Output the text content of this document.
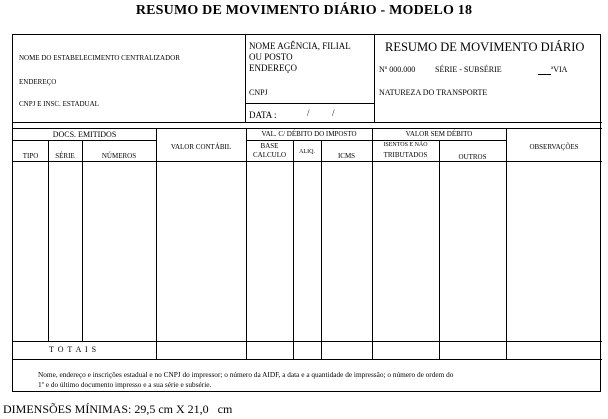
RESUMO DE MOVIMENTO DIÁRIO - MODELO 18
NOME DO ESTABELECIMENTO CENTRALIZADOR
ENDEREÇO
CNPJ E INSC. ESTADUAL
NOME AGÊNCIA, FILIAL
OU POSTO
ENDEREÇO
CNPJ
DATA :	/ /
RESUMO DE MOVIMENTO DIÁRIO
Nº 000.000 SÉRIE - SUBSÉRIE	ªVIA
NATUREZA DO TRANSPORTE
DOCS. EMITIDOS
TIPO	SÉRIE	NÚMEROS
VALOR CONTÁBIL
VAL. C/ DÉBITO DO IMPOSTO
BASE
CALCULO	ALIQ.	ICMS
VALOR SEM DÉBITO
ISENTOS E NÃO
TRIBUTADOS	OUTROS
OBSERVAÇÕES
T O T A I S
Nome, endereço e inscrições estadual e no CNPJ do impressor; o número da AIDF, a data e a quantidade de impressão; o número de ordem do
1º e do último documento impresso e a sua série e subsérie.
DIMENSÕES MÍNIMAS: 29,5 cm X 21,0   cm
